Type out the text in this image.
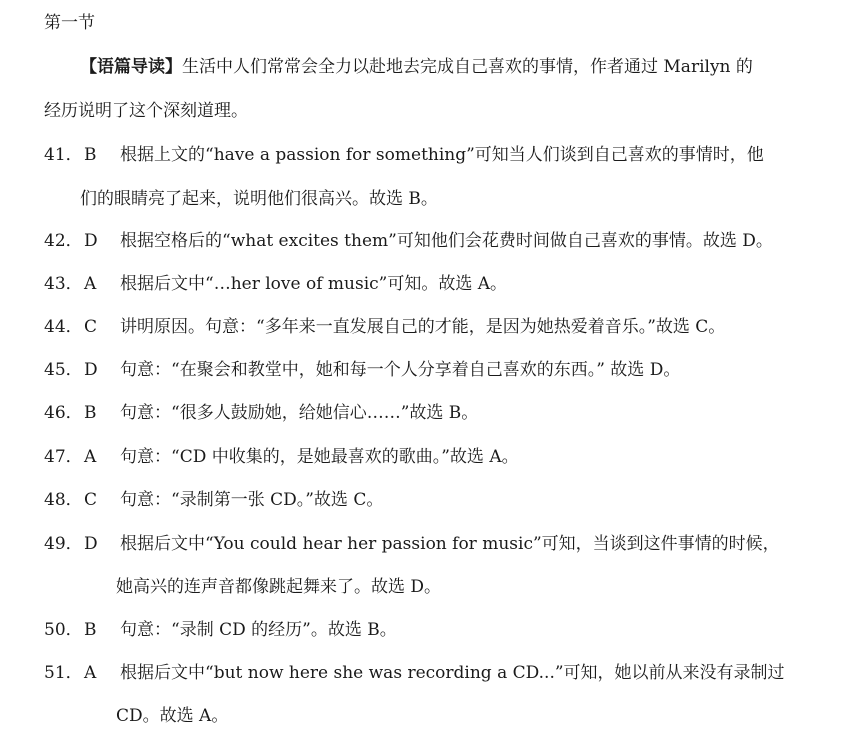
第一节
【语篇导读】生活中人们常常会全力以赴地去完成自己喜欢的事情，作者通过 Marilyn 的
经历说明了这个深刻道理。
41．B 根据上文的“have a passion for something”可知当人们谈到自己喜欢的事情时，他
们的眼睛亮了起来，说明他们很高兴。故选 B。
42．D 根据空格后的“what excites them”可知他们会花费时间做自己喜欢的事情。故选 D。
43．A 根据后文中“…her love of music”可知。故选 A。
44．C 讲明原因。句意：“多年来一直发展自己的才能，是因为她热爱着音乐。”故选 C。
45．D 句意：“在聚会和教堂中，她和每一个人分享着自己喜欢的东西。” 故选 D。
46．B 句意：“很多人鼓励她，给她信心……”故选 B。
47．A 句意：“CD 中收集的，是她最喜欢的歌曲。”故选 A。
48．C 句意：“录制第一张 CD。”故选 C。
49．D 根据后文中“You could hear her passion for music”可知，当谈到这件事情的时候，
她高兴的连声音都像跳起舞来了。故选 D。
50．B 句意：“录制 CD 的经历”。故选 B。
51．A 根据后文中“but now here she was recording a CD...”可知，她以前从来没有录制过
CD。故选 A。
